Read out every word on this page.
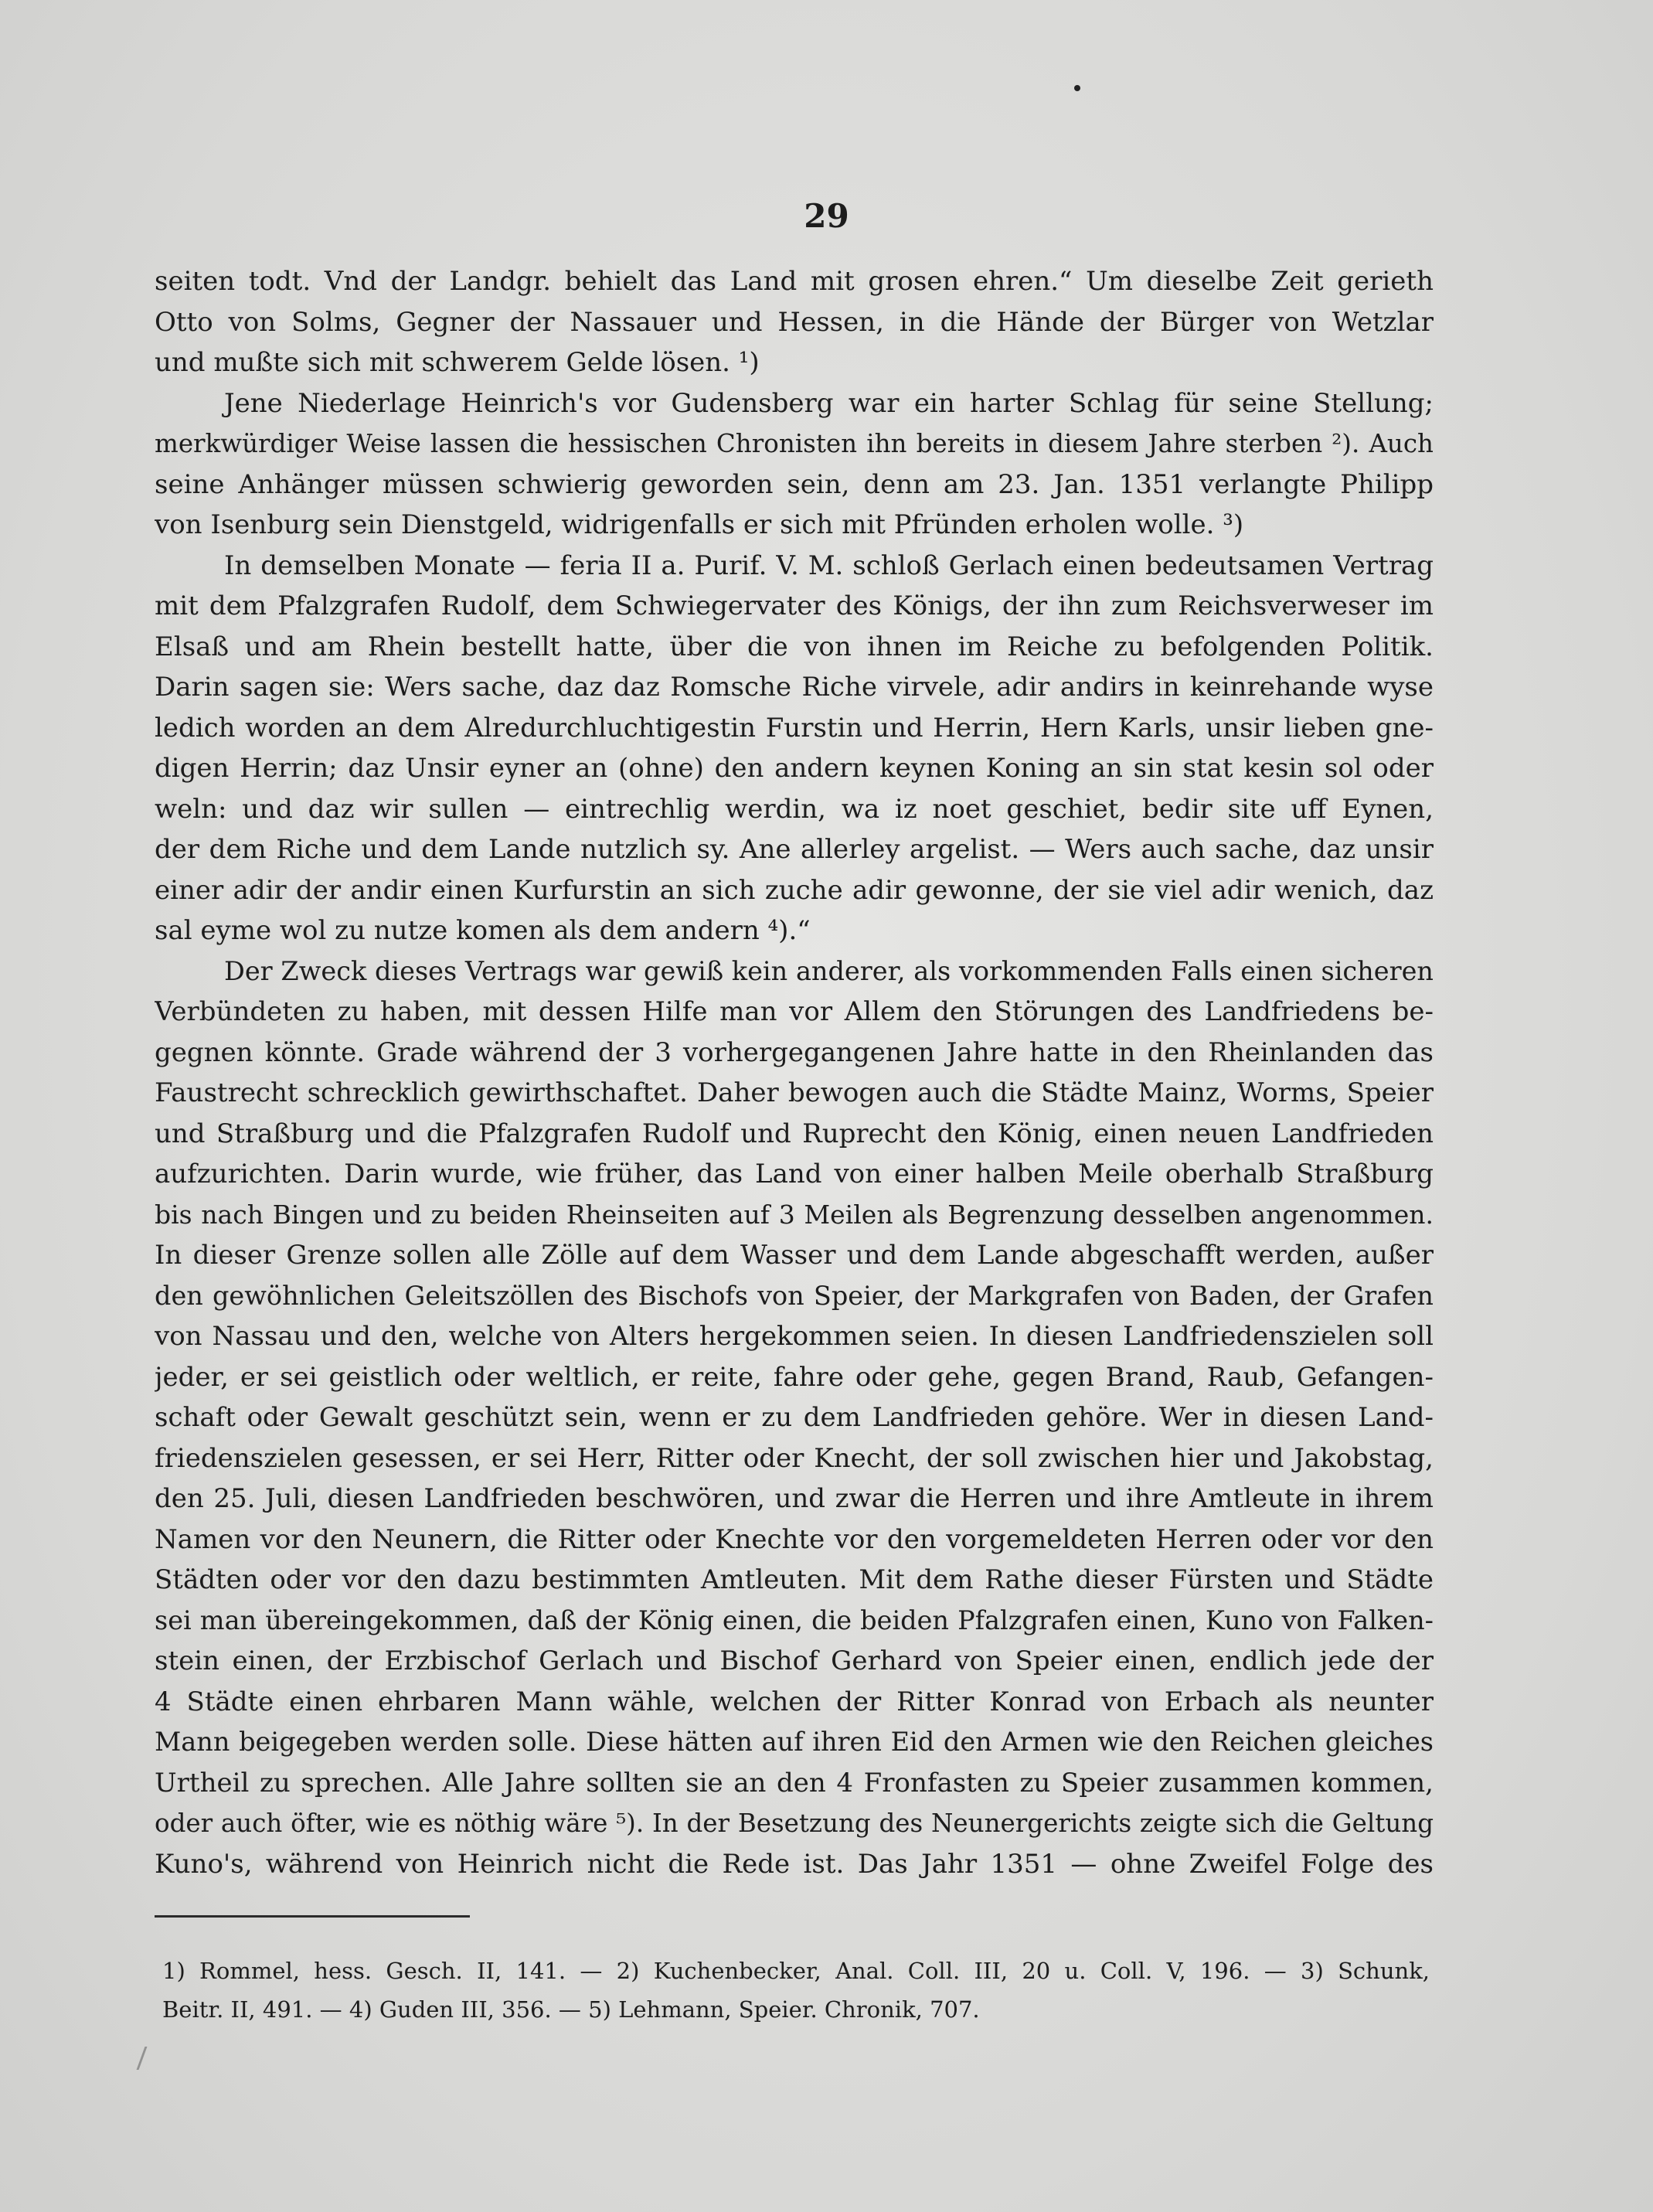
29
seiten todt. Vnd der Landgr. behielt das Land mit grosen ehren.“ Um dieselbe Zeit gerieth
Otto von Solms, Gegner der Nassauer und Hessen, in die Hände der Bürger von Wetzlar
und mußte sich mit schwerem Gelde lösen. ¹)
Jene Niederlage Heinrich's vor Gudensberg war ein harter Schlag für seine Stellung;
merkwürdiger Weise lassen die hessischen Chronisten ihn bereits in diesem Jahre sterben ²). Auch
seine Anhänger müssen schwierig geworden sein, denn am 23. Jan. 1351 verlangte Philipp
von Isenburg sein Dienstgeld, widrigenfalls er sich mit Pfründen erholen wolle. ³)
In demselben Monate — feria II a. Purif. V. M. schloß Gerlach einen bedeutsamen Vertrag
mit dem Pfalzgrafen Rudolf, dem Schwiegervater des Königs, der ihn zum Reichsverweser im
Elsaß und am Rhein bestellt hatte, über die von ihnen im Reiche zu befolgenden Politik.
Darin sagen sie: Wers sache, daz daz Romsche Riche virvele, adir andirs in keinrehande wyse
ledich worden an dem Alredurchluchtigestin Furstin und Herrin, Hern Karls, unsir lieben gne-
digen Herrin; daz Unsir eyner an (ohne) den andern keynen Koning an sin stat kesin sol oder
weln: und daz wir sullen — eintrechlig werdin, wa iz noet geschiet, bedir site uff Eynen,
der dem Riche und dem Lande nutzlich sy. Ane allerley argelist. — Wers auch sache, daz unsir
einer adir der andir einen Kurfurstin an sich zuche adir gewonne, der sie viel adir wenich, daz
sal eyme wol zu nutze komen als dem andern ⁴).“
Der Zweck dieses Vertrags war gewiß kein anderer, als vorkommenden Falls einen sicheren
Verbündeten zu haben, mit dessen Hilfe man vor Allem den Störungen des Landfriedens be-
gegnen könnte. Grade während der 3 vorhergegangenen Jahre hatte in den Rheinlanden das
Faustrecht schrecklich gewirthschaftet. Daher bewogen auch die Städte Mainz, Worms, Speier
und Straßburg und die Pfalzgrafen Rudolf und Ruprecht den König, einen neuen Landfrieden
aufzurichten. Darin wurde, wie früher, das Land von einer halben Meile oberhalb Straßburg
bis nach Bingen und zu beiden Rheinseiten auf 3 Meilen als Begrenzung desselben angenommen.
In dieser Grenze sollen alle Zölle auf dem Wasser und dem Lande abgeschafft werden, außer
den gewöhnlichen Geleitszöllen des Bischofs von Speier, der Markgrafen von Baden, der Grafen
von Nassau und den, welche von Alters hergekommen seien. In diesen Landfriedenszielen soll
jeder, er sei geistlich oder weltlich, er reite, fahre oder gehe, gegen Brand, Raub, Gefangen-
schaft oder Gewalt geschützt sein, wenn er zu dem Landfrieden gehöre. Wer in diesen Land-
friedenszielen gesessen, er sei Herr, Ritter oder Knecht, der soll zwischen hier und Jakobstag,
den 25. Juli, diesen Landfrieden beschwören, und zwar die Herren und ihre Amtleute in ihrem
Namen vor den Neunern, die Ritter oder Knechte vor den vorgemeldeten Herren oder vor den
Städten oder vor den dazu bestimmten Amtleuten. Mit dem Rathe dieser Fürsten und Städte
sei man übereingekommen, daß der König einen, die beiden Pfalzgrafen einen, Kuno von Falken-
stein einen, der Erzbischof Gerlach und Bischof Gerhard von Speier einen, endlich jede der
4 Städte einen ehrbaren Mann wähle, welchen der Ritter Konrad von Erbach als neunter
Mann beigegeben werden solle. Diese hätten auf ihren Eid den Armen wie den Reichen gleiches
Urtheil zu sprechen. Alle Jahre sollten sie an den 4 Fronfasten zu Speier zusammen kommen,
oder auch öfter, wie es nöthig wäre ⁵). In der Besetzung des Neunergerichts zeigte sich die Geltung
Kuno's, während von Heinrich nicht die Rede ist. Das Jahr 1351 — ohne Zweifel Folge des
1) Rommel, hess. Gesch. II, 141. — 2) Kuchenbecker, Anal. Coll. III, 20 u. Coll. V, 196. — 3) Schunk,
Beitr. II, 491. — 4) Guden III, 356. — 5) Lehmann, Speier. Chronik, 707.
